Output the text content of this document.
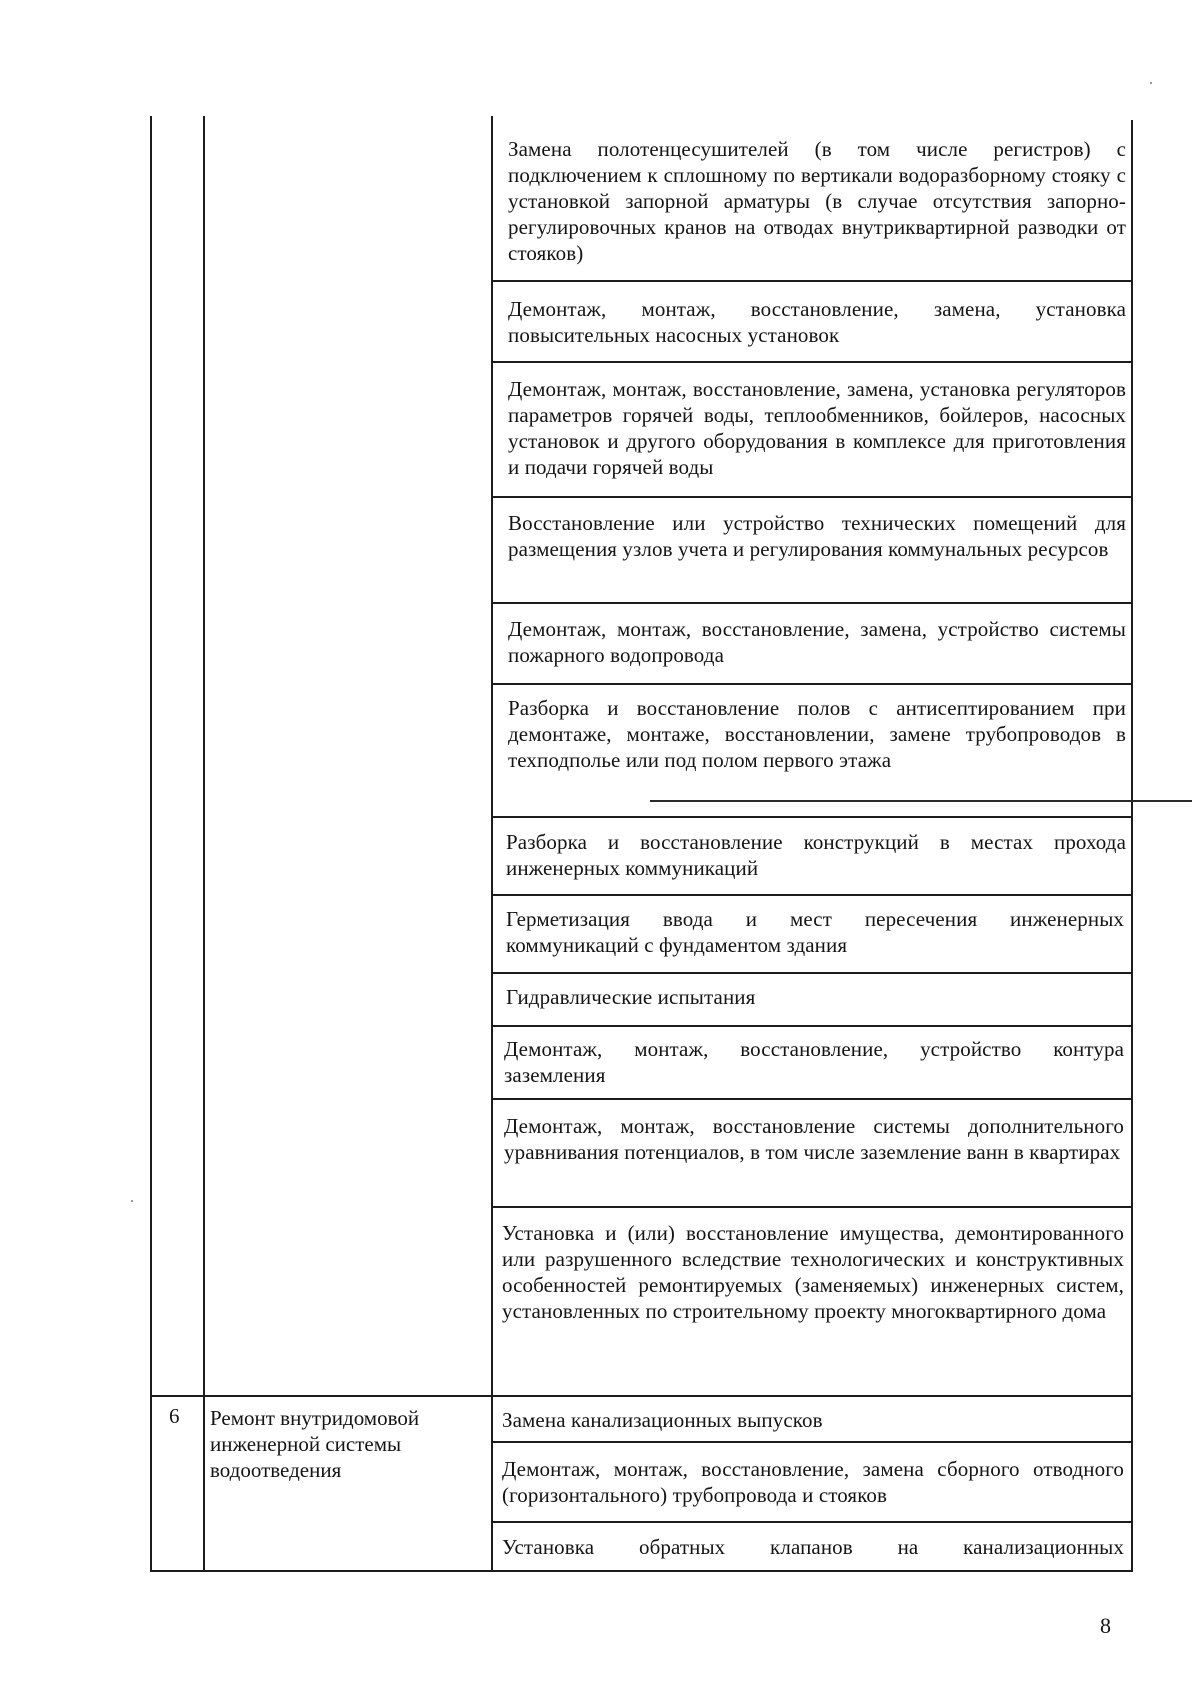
Замена полотенцесушителей (в том числе регистров) с подключением к сплошному по вертикали водоразборному стояку с установкой запорной арматуры (в случае отсутствия запорно-регулировочных кранов на отводах внутриквартирной разводки от стояков)
Демонтаж, монтаж, восстановление, замена, установка повысительных насосных установок
Демонтаж, монтаж, восстановление, замена, установка регуляторов параметров горячей воды, теплообменников, бойлеров, насосных установок и другого оборудования в комплексе для приготовления и подачи горячей воды
Восстановление или устройство технических помещений для размещения узлов учета и регулирования коммунальных ресурсов
Демонтаж, монтаж, восстановление, замена, устройство системы пожарного водопровода
Разборка и восстановление полов с антисептированием при демонтаже, монтаже, восстановлении, замене трубопроводов в техподполье или под полом первого этажа
Разборка и восстановление конструкций в местах прохода инженерных коммуникаций
Герметизация ввода и мест пересечения инженерных коммуникаций с фундаментом здания
Гидравлические испытания
Демонтаж, монтаж, восстановление, устройство контура заземления
Демонтаж, монтаж, восстановление системы дополнительного уравнивания потенциалов, в том числе заземление ванн в квартирах
Установка и (или) восстановление имущества, демонтированного или разрушенного вследствие технологических и конструктивных особенностей ремонтируемых (заменяемых) инженерных систем, установленных по строительному проекту многоквартирного дома
6 Ремонт внутридомовой инженерной системы водоотведения
Замена канализационных выпусков
Демонтаж, монтаж, восстановление, замена сборного отводного (горизонтального) трубопровода и стояков
Установка обратных клапанов на канализационных
8
